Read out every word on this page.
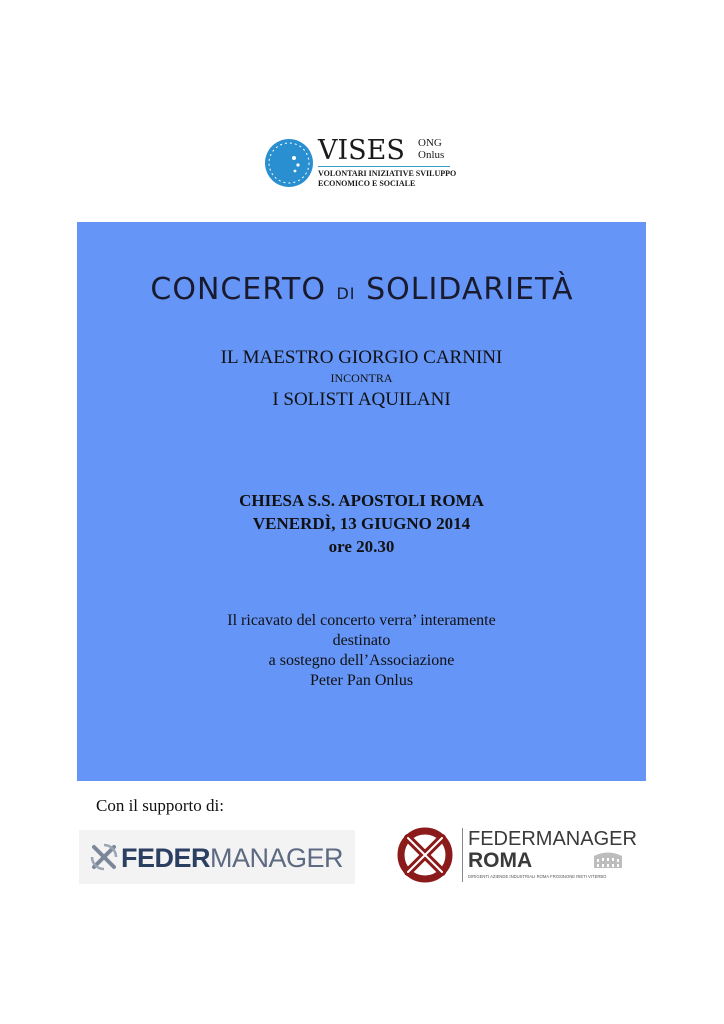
VISES ONG
Onlus
VOLONTARI INIZIATIVE SVILUPPO
ECONOMICO E SOCIALE
CONCERTO DI SOLIDARIETÀ
IL MAESTRO GIORGIO CARNINI
INCONTRA
I SOLISTI AQUILANI
CHIESA S.S. APOSTOLI ROMA
VENERDÌ, 13 GIUGNO 2014
ore 20.30
Il ricavato del concerto verra’ interamente
destinato
a sostegno dell’Associazione
Peter Pan Onlus
Con il supporto di:
FEDERMANAGER
FEDERMANAGER
ROMA
DIRIGENTI AZIENDE INDUSTRIALI ROMA FROSINONE RIETI VITERBO
